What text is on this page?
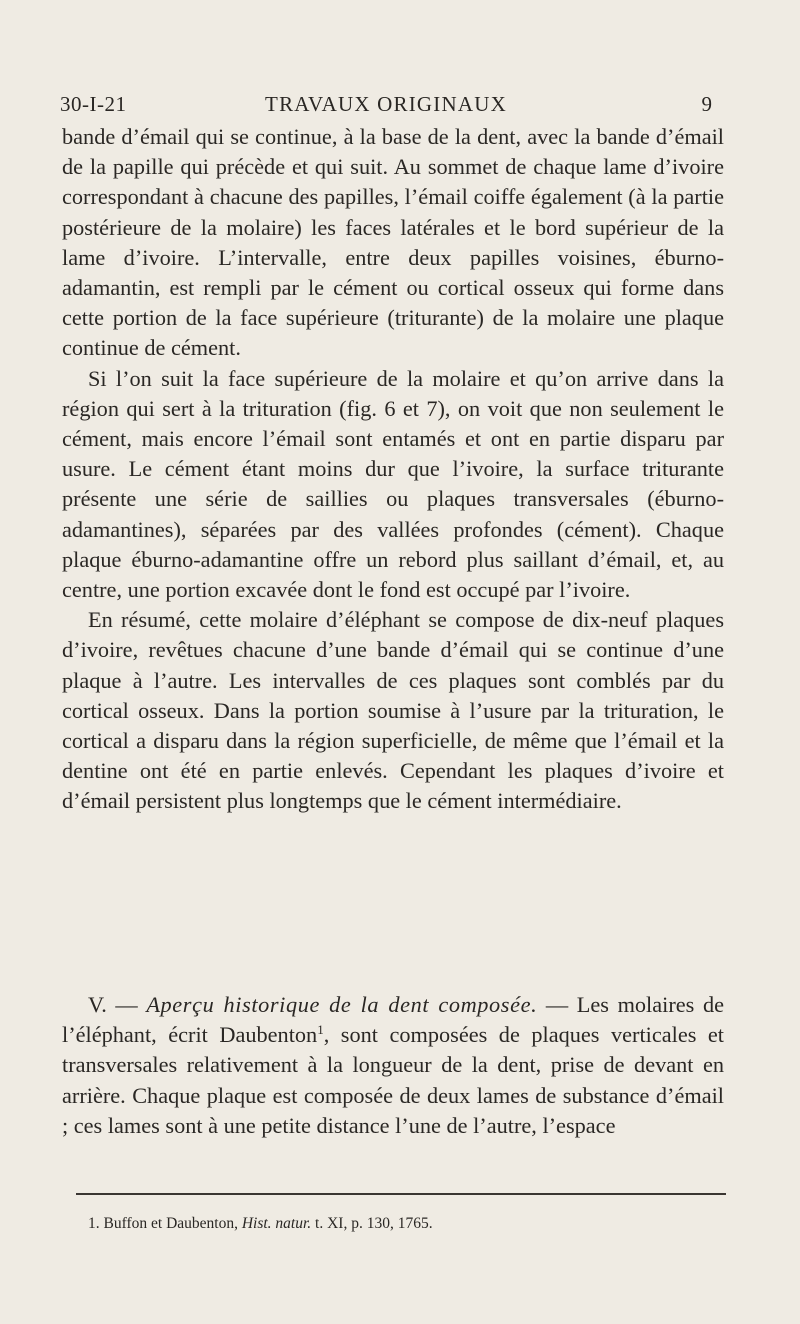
30-I-21	TRAVAUX ORIGINAUX	9

bande d’émail qui se continue, à la base de la dent, avec la bande d’émail de la papille qui précède et qui suit. Au sommet de chaque lame d’ivoire correspondant à chacune des papilles, l’émail coiffe également (à la partie postérieure de la molaire) les faces latérales et le bord supérieur de la lame d’ivoire. L’intervalle, entre deux papilles voisines, éburno-adamantin, est rempli par le cément ou cortical osseux qui forme dans cette portion de la face supérieure (triturante) de la molaire une plaque continue de cément.

Si l’on suit la face supérieure de la molaire et qu’on arrive dans la région qui sert à la trituration (fig. 6 et 7), on voit que non seulement le cément, mais encore l’émail sont entamés et ont en partie disparu par usure. Le cément étant moins dur que l’ivoire, la surface triturante présente une série de saillies ou plaques transversales (éburno-adamantines), séparées par des vallées profondes (cément). Chaque plaque éburno-adamantine offre un rebord plus saillant d’émail, et, au centre, une portion excavée dont le fond est occupé par l’ivoire.

En résumé, cette molaire d’éléphant se compose de dix-neuf plaques d’ivoire, revêtues chacune d’une bande d’émail qui se continue d’une plaque à l’autre. Les intervalles de ces plaques sont comblés par du cortical osseux. Dans la portion soumise à l’usure par la trituration, le cortical a disparu dans la région superficielle, de même que l’émail et la dentine ont été en partie enlevés. Cependant les plaques d’ivoire et d’émail persistent plus longtemps que le cément intermédiaire.

V. — Aperçu historique de la dent composée. — Les molaires de l’éléphant, écrit Daubenton$^1$, sont composées de plaques verticales et transversales relativement à la longueur de la dent, prise de devant en arrière. Chaque plaque est composée de deux lames de substance d’émail ; ces lames sont à une petite distance l’une de l’autre, l’espace

1. Buffon et Daubenton, Hist. natur. t. XI, p. 130, 1765.
